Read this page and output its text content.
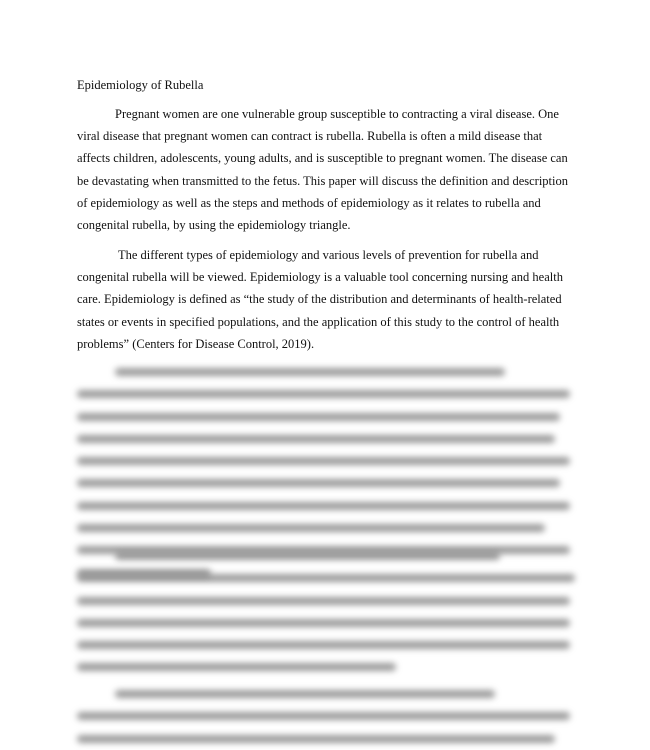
Epidemiology of Rubella

Pregnant women are one vulnerable group susceptible to contracting a viral disease. One viral disease that pregnant women can contract is rubella. Rubella is often a mild disease that affects children, adolescents, young adults, and is susceptible to pregnant women. The disease can be devastating when transmitted to the fetus. This paper will discuss the definition and description of epidemiology as well as the steps and methods of epidemiology as it relates to rubella and congenital rubella, by using the epidemiology triangle.

The different types of epidemiology and various levels of prevention for rubella and congenital rubella will be viewed. Epidemiology is a valuable tool concerning nursing and health care. Epidemiology is defined as “the study of the distribution and determinants of health-related states or events in specified populations, and the application of this study to the control of health problems” (Centers for Disease Control, 2019).
